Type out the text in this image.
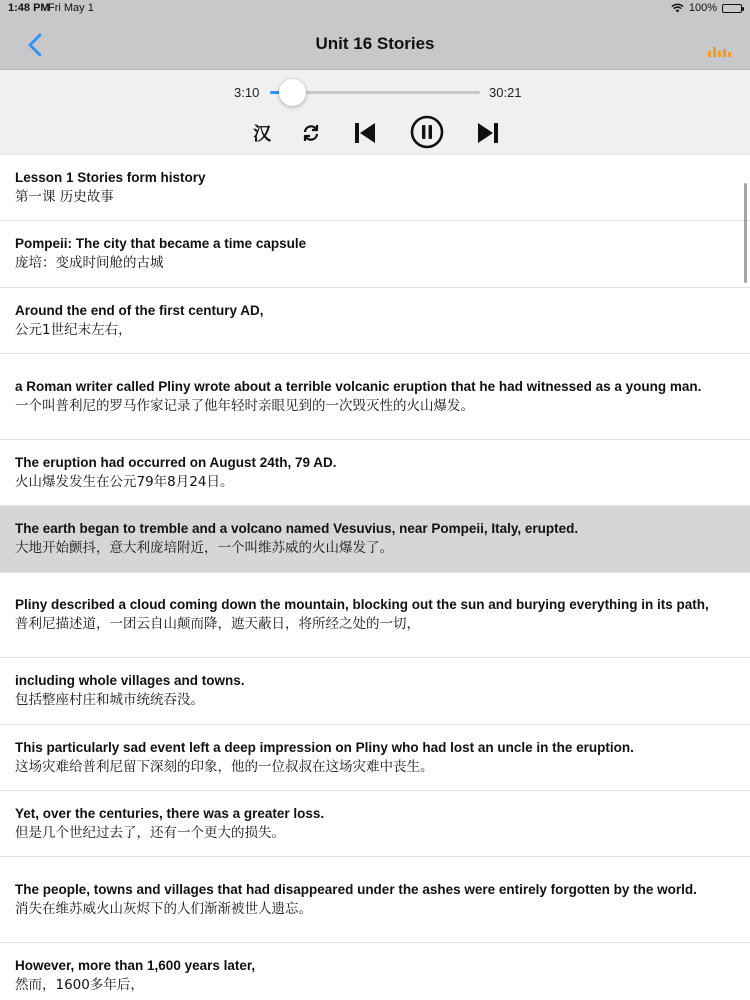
1:48 PM
Fri May 1	100%
Unit 16 Stories
3:10	30:21
汉
Lesson 1 Stories form history
第一课 历史故事
Pompeii: The city that became a time capsule
庞培：变成时间舱的古城
Around the end of the first century AD,
公元1世纪末左右，
a Roman writer called Pliny wrote about a terrible volcanic eruption that he had witnessed as a young man.
一个叫普利尼的罗马作家记录了他年轻时亲眼见到的一次毁灭性的火山爆发。
The eruption had occurred on August 24th, 79 AD.
火山爆发发生在公元79年8月24日。
The earth began to tremble and a volcano named Vesuvius, near Pompeii, Italy, erupted.
大地开始颤抖，意大利庞培附近，一个叫维苏威的火山爆发了。
Pliny described a cloud coming down the mountain, blocking out the sun and burying everything in its path,
普利尼描述道，一团云自山颠而降，遮天蔽日，将所经之处的一切，
including whole villages and towns.
包括整座村庄和城市统统吞没。
This particularly sad event left a deep impression on Pliny who had lost an uncle in the eruption.
这场灾难给普利尼留下深刻的印象，他的一位叔叔在这场灾难中丧生。
Yet, over the centuries, there was a greater loss.
但是几个世纪过去了，还有一个更大的损失。
The people, towns and villages that had disappeared under the ashes were entirely forgotten by the world.
消失在维苏威火山灰烬下的人们渐渐被世人遗忘。
However, more than 1,600 years later,
然而，1600多年后，
